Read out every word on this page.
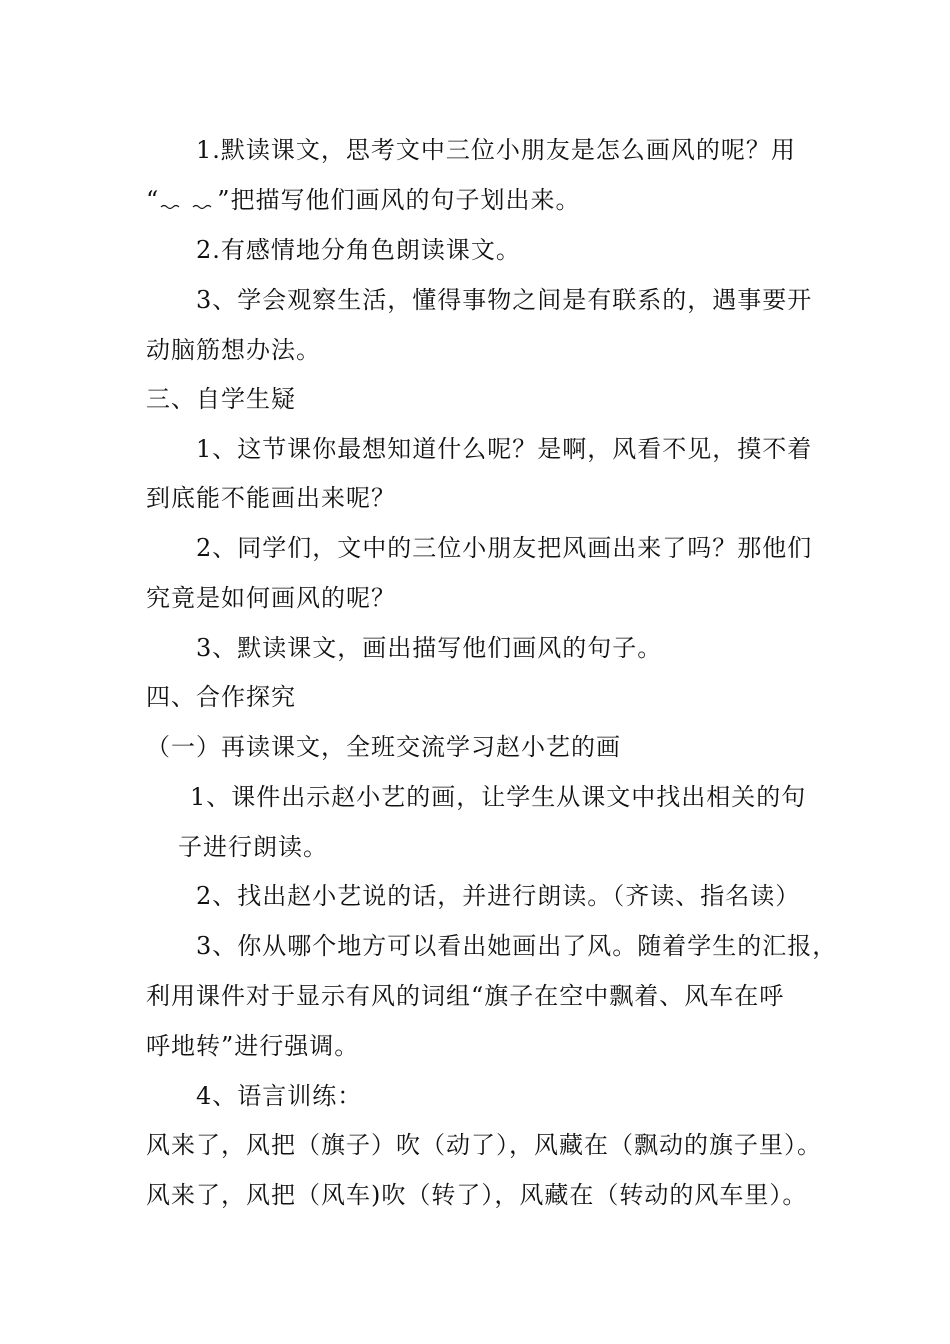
1.默读课文，思考文中三位小朋友是怎么画风的呢？用
“ ”把描写他们画风的句子划出来。
2.有感情地分角色朗读课文。
3、学会观察生活，懂得事物之间是有联系的，遇事要开
动脑筋想办法。
三、自学生疑
1、这节课你最想知道什么呢？是啊，风看不见，摸不着
到底能不能画出来呢？
2、同学们，文中的三位小朋友把风画出来了吗？那他们
究竟是如何画风的呢？
3、默读课文，画出描写他们画风的句子。
四、合作探究
（一）再读课文，全班交流学习赵小艺的画
1、课件出示赵小艺的画，让学生从课文中找出相关的句
子进行朗读。
2、找出赵小艺说的话，并进行朗读。（齐读、指名读）
3、你从哪个地方可以看出她画出了风。随着学生的汇报，
利用课件对于显示有风的词组“旗子在空中飘着、风车在呼
呼地转”进行强调。
4、语言训练：
风来了，风把（旗子）吹（动了），风藏在（飘动的旗子里）。
风来了，风把（风车)吹（转了），风藏在（转动的风车里）。
